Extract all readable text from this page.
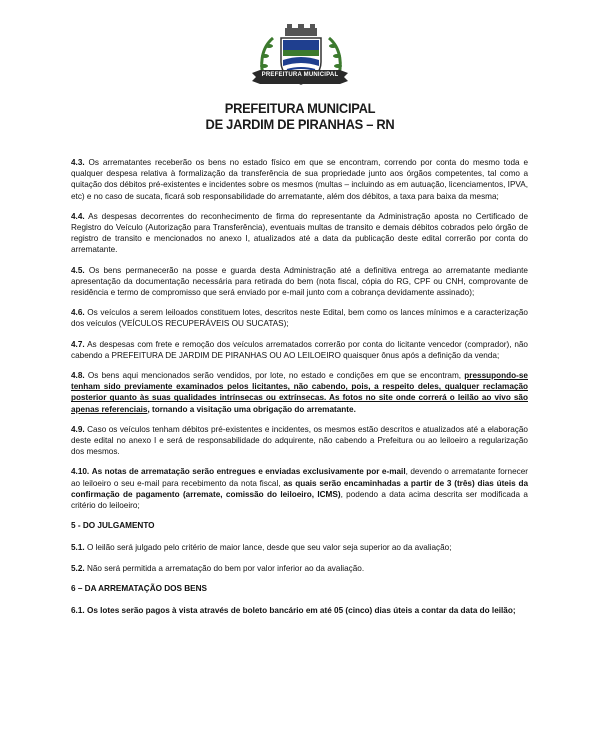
PREFEITURA MUNICIPAL
PREFEITURA MUNICIPAL
DE JARDIM DE PIRANHAS – RN

4.3. Os arrematantes receberão os bens no estado físico em que se encontram, correndo por conta do mesmo toda e qualquer despesa relativa à formalização da transferência de sua propriedade junto aos órgãos competentes, tal como a quitação dos débitos pré-existentes e incidentes sobre os mesmos (multas – incluindo as em autuação, licenciamentos, IPVA, etc) e no caso de sucata, ficará sob responsabilidade do arrematante, além dos débitos, a taxa para baixa da mesma;

4.4. As despesas decorrentes do reconhecimento de firma do representante da Administração aposta no Certificado de Registro do Veículo (Autorização para Transferência), eventuais multas de transito e demais débitos cobrados pelo órgão de registro de transito e mencionados no anexo I, atualizados até a data da publicação deste edital correrão por conta do arrematante.

4.5. Os bens permanecerão na posse e guarda desta Administração até a definitiva entrega ao arrematante mediante apresentação da documentação necessária para retirada do bem (nota fiscal, cópia do RG, CPF ou CNH, comprovante de residência e termo de compromisso que será enviado por e-mail junto com a cobrança devidamente assinado);

4.6. Os veículos a serem leiloados constituem lotes, descritos neste Edital, bem como os lances mínimos e a caracterização dos veículos (VEÍCULOS RECUPERÁVEIS OU SUCATAS);

4.7. As despesas com frete e remoção dos veículos arrematados correrão por conta do licitante vencedor (comprador), não cabendo a PREFEITURA DE JARDIM DE PIRANHAS OU AO LEILOEIRO quaisquer ônus após a definição da venda;

4.8. Os bens aqui mencionados serão vendidos, por lote, no estado e condições em que se encontram, pressupondo-se tenham sido previamente examinados pelos licitantes, não cabendo, pois, a respeito deles, qualquer reclamação posterior quanto às suas qualidades intrínsecas ou extrínsecas. As fotos no site onde correrá o leilão ao vivo são apenas referenciais, tornando a visitação uma obrigação do arrematante.

4.9. Caso os veículos tenham débitos pré-existentes e incidentes, os mesmos estão descritos e atualizados até a elaboração deste edital no anexo I e será de responsabilidade do adquirente, não cabendo a Prefeitura ou ao leiloeiro a regularização dos mesmos.

4.10. As notas de arrematação serão entregues e enviadas exclusivamente por e-mail, devendo o arrematante fornecer ao leiloeiro o seu e-mail para recebimento da nota fiscal, as quais serão encaminhadas a partir de 3 (três) dias úteis da confirmação de pagamento (arremate, comissão do leiloeiro, ICMS), podendo a data acima descrita ser modificada a critério do leiloeiro;

5 - DO JULGAMENTO

5.1. O leilão será julgado pelo critério de maior lance, desde que seu valor seja superior ao da avaliação;

5.2. Não será permitida a arrematação do bem por valor inferior ao da avaliação.

6 – DA ARREMATAÇÃO DOS BENS

6.1. Os lotes serão pagos à vista através de boleto bancário em até 05 (cinco) dias úteis a contar da data do leilão;
